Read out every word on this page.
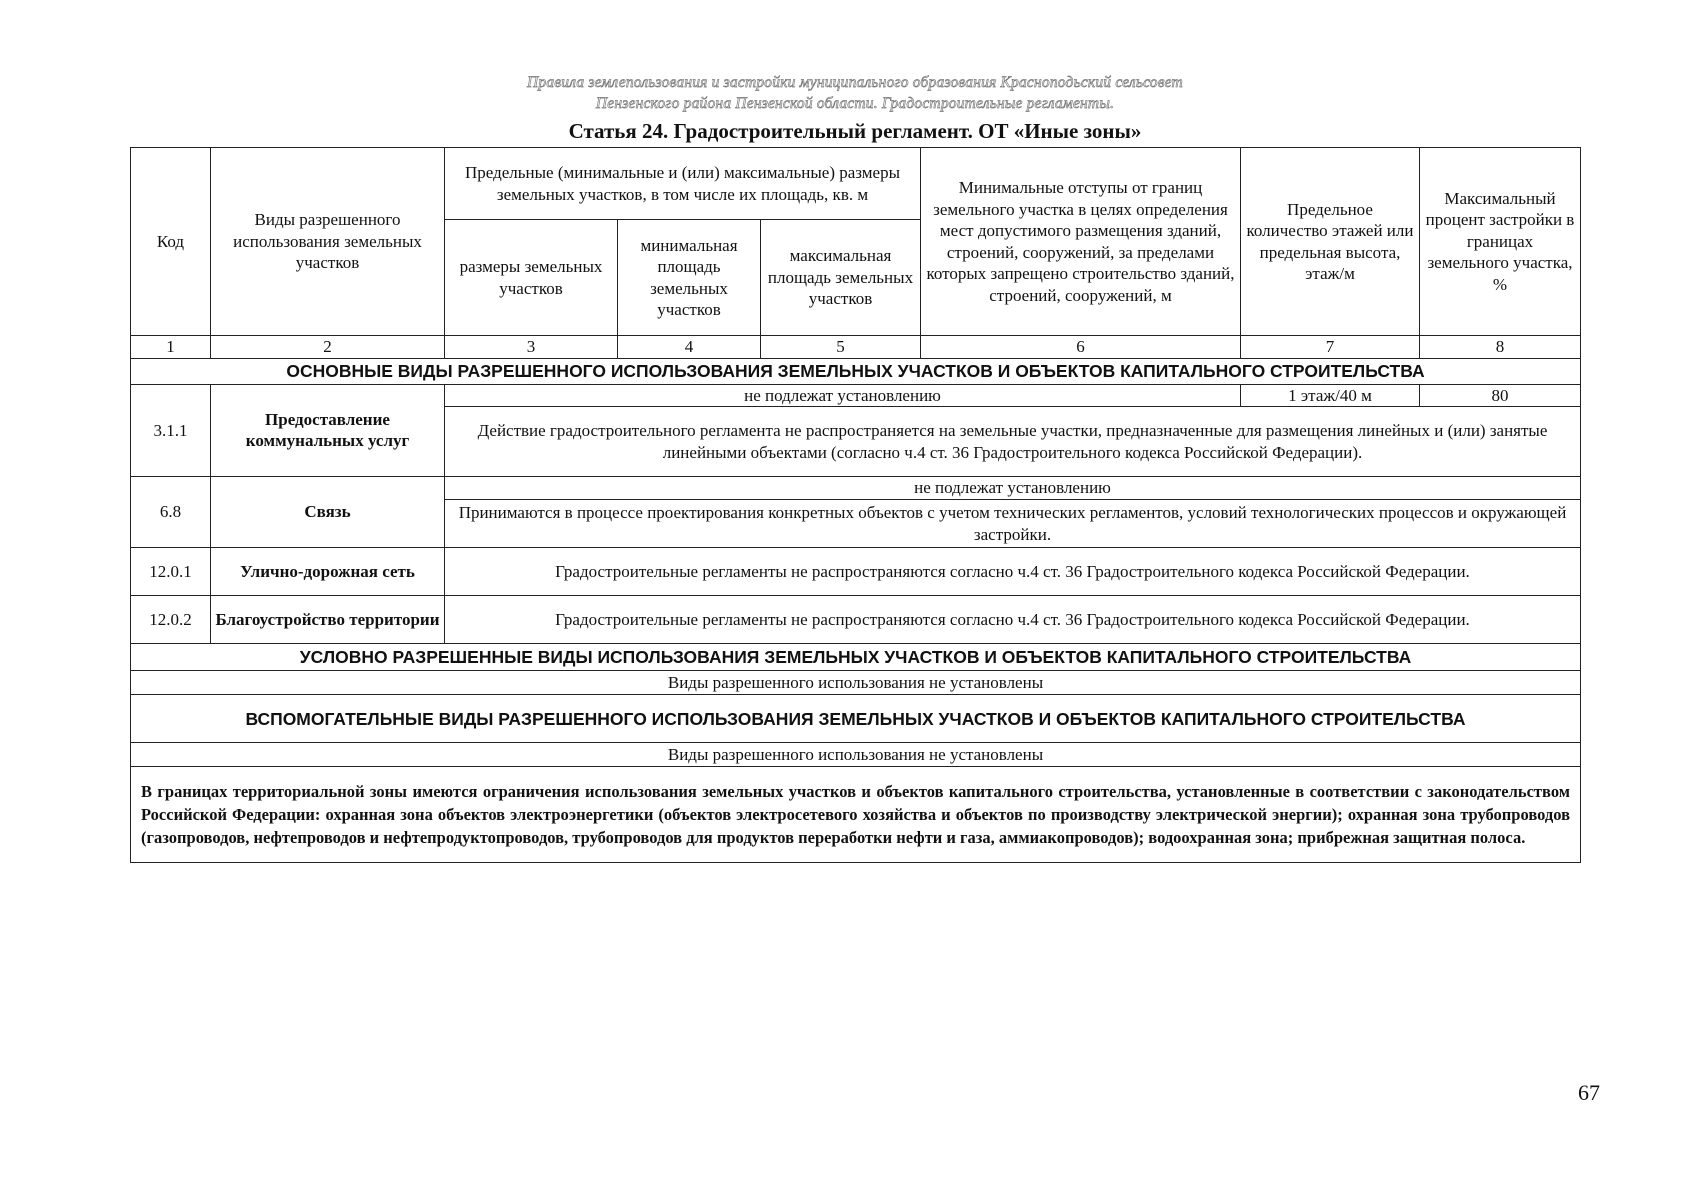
Правила землепользования и застройки муниципального образования Красноподьский сельсовет
Пензенского района Пензенской области. Градостроительные регламенты.
Статья 24. Градостроительный регламент. ОТ «Иные зоны»
Код	Виды разрешенного использования земельных участков	Предельные (минимальные и (или) максимальные) размеры земельных участков, в том числе их площадь, кв. м			Минимальные отступы от границ земельного участка в целях определения мест допустимого размещения зданий, строений, сооружений, за пределами которых запрещено строительство зданий, строений, сооружений, м	Предельное количество этажей или предельная высота, этаж/м	Максимальный процент застройки в границах земельного участка, %
		размеры земельных участков	минимальная площадь земельных участков	максимальная площадь земельных участков			
1	2	3	4	5	6	7	8
ОСНОВНЫЕ ВИДЫ РАЗРЕШЕННОГО ИСПОЛЬЗОВАНИЯ ЗЕМЕЛЬНЫХ УЧАСТКОВ И ОБЪЕКТОВ КАПИТАЛЬНОГО СТРОИТЕЛЬСТВА							
3.1.1	Предоставление коммунальных услуг	не подлежат установлению				1 этаж/40 м	80
		Действие градостроительного регламента не распространяется на земельные участки, предназначенные для размещения линейных и (или) занятые линейными объектами (согласно ч.4 ст. 36 Градостроительного кодекса Российской Федерации).					
6.8	Связь	не подлежат установлению					
		Принимаются в процессе проектирования конкретных объектов с учетом технических регламентов, условий технологических процессов и окружающей застройки.					
12.0.1	Улично-дорожная сеть	Градостроительные регламенты не распространяются согласно ч.4 ст. 36 Градостроительного кодекса Российской Федерации.					
12.0.2	Благоустройство территории	Градостроительные регламенты не распространяются согласно ч.4 ст. 36 Градостроительного кодекса Российской Федерации.					
УСЛОВНО РАЗРЕШЕННЫЕ ВИДЫ ИСПОЛЬЗОВАНИЯ ЗЕМЕЛЬНЫХ УЧАСТКОВ И ОБЪЕКТОВ КАПИТАЛЬНОГО СТРОИТЕЛЬСТВА							
Виды разрешенного использования не установлены							
ВСПОМОГАТЕЛЬНЫЕ ВИДЫ РАЗРЕШЕННОГО ИСПОЛЬЗОВАНИЯ ЗЕМЕЛЬНЫХ УЧАСТКОВ И ОБЪЕКТОВ КАПИТАЛЬНОГО СТРОИТЕЛЬСТВА							
Виды разрешенного использования не установлены							
В границах территориальной зоны имеются ограничения использования земельных участков и объектов капитального строительства, установленные в соответствии с законодательством Российской Федерации: охранная зона объектов электроэнергетики (объектов электросетевого хозяйства и объектов по производству электрической энергии); охранная зона трубопроводов (газопроводов, нефтепроводов и нефтепродуктопроводов, трубопроводов для продуктов переработки нефти и газа, аммиакопроводов); водоохранная зона; прибрежная защитная полоса.							
67
